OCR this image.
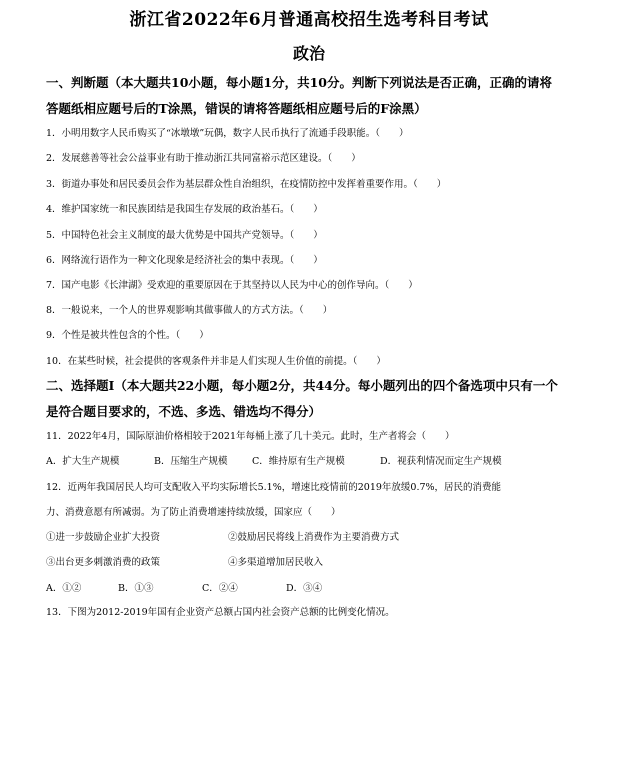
浙江省2022年6月普通高校招生选考科目考试
政治
一、判断题（本大题共10小题，每小题1分，共10分。判断下列说法是否正确，正确的请将
答题纸相应题号后的T涂黑，错误的请将答题纸相应题号后的F涂黑）
1．小明用数字人民币购买了“冰墩墩”玩偶，数字人民币执行了流通手段职能。（　　）
2．发展慈善等社会公益事业有助于推动浙江共同富裕示范区建设。（　　）
3．街道办事处和居民委员会作为基层群众性自治组织，在疫情防控中发挥着重要作用。（　　）
4．维护国家统一和民族团结是我国生存发展的政治基石。（　　）
5．中国特色社会主义制度的最大优势是中国共产党领导。（　　）
6．网络流行语作为一种文化现象是经济社会的集中表现。（　　）
7．国产电影《长津湖》受欢迎的重要原因在于其坚持以人民为中心的创作导向。（　　）
8．一般说来，一个人的世界观影响其做事做人的方式方法。（　　）
9．个性是被共性包含的个性。（　　）
10．在某些时候，社会提供的客观条件并非是人们实现人生价值的前提。（　　）
二、选择题Ⅰ（本大题共22小题，每小题2分，共44分。每小题列出的四个备选项中只有一个
是符合题目要求的，不选、多选、错选均不得分）
11．2022年4月，国际原油价格相较于2021年每桶上涨了几十美元。此时，生产者将会（　　）
A．扩大生产规模	B．压缩生产规模	C．维持原有生产规模	D．视获利情况而定生产规模
12．近两年我国居民人均可支配收入平均实际增长5.1%，增速比疫情前的2019年放缓0.7%，居民的消费能
力、消费意愿有所减弱。为了防止消费增速持续放缓，国家应（　　）
①进一步鼓励企业扩大投资	②鼓励居民将线上消费作为主要消费方式
③出台更多刺激消费的政策	④多渠道增加居民收入
A．①②	B．①③	C．②④	D．③④
13．下图为2012-2019年国有企业资产总额占国内社会资产总额的比例变化情况。
